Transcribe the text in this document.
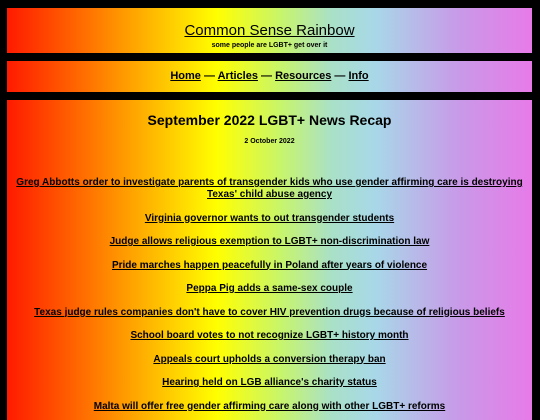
Common Sense Rainbow
some people are LGBT+ get over it
Home — Articles — Resources — Info
September 2022 LGBT+ News Recap
2 October 2022
Greg Abbotts order to investigate parents of transgender kids who use gender affirming care is destroying Texas' child abuse agency
Virginia governor wants to out transgender students
Judge allows religious exemption to LGBT+ non-discrimination law
Pride marches happen peacefully in Poland after years of violence
Peppa Pig adds a same-sex couple
Texas judge rules companies don't have to cover HIV prevention drugs because of religious beliefs
School board votes to not recognize LGBT+ history month
Appeals court upholds a conversion therapy ban
Hearing held on LGB alliance's charity status
Malta will offer free gender affirming care along with other LGBT+ reforms
